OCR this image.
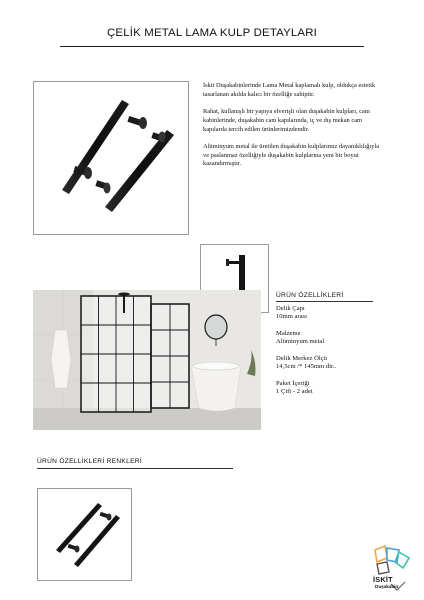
ÇELİK METAL LAMA KULP DETAYLARI

İskit Duşakabinlerinde Lama Metal kaplamalı kulp, oldukça estetik tasarlanan akılda kalıcı bir özelliğe sahiptir.

Rahat, kullanışlı bir yapıya elverişli olan duşakabin kulpları, cam kabinlerinde, duşakabin cam kapılarında, iç ve dış mekan cam kapılarda tercih edilen ürünlerimizdendir.

Alüminyum metal ile üretilen duşakabin kulplarımız dayanıklılığıyla ve paslanmaz özelliğiyle duşakabin kulplarına yeni bir boyut kazandırmıştır.

ÜRÜN ÖZELLİKLERİ
Delik Çapı
10mm arası
Malzeme
Alüminyum metal
Delik Merkez Ölçü
14,5cm /* 145mm dir..
Paket İçeriği
1 Çift - 2 adet
ÜRÜN ÖZELLİKLERİ RENKLERİ
İSKİT
Duşakabin
